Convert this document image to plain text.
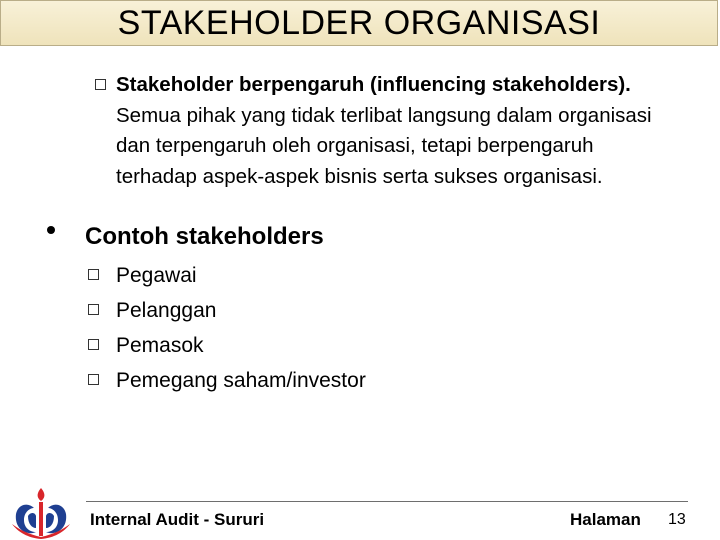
STAKEHOLDER ORGANISASI
Stakeholder berpengaruh (influencing stakeholders). Semua pihak yang tidak terlibat langsung dalam organisasi dan terpengaruh oleh organisasi, tetapi berpengaruh terhadap aspek-aspek bisnis serta sukses organisasi.
Contoh stakeholders
Pegawai
Pelanggan
Pemasok
Pemegang saham/investor
Internal Audit - Sururi	Halaman 13
